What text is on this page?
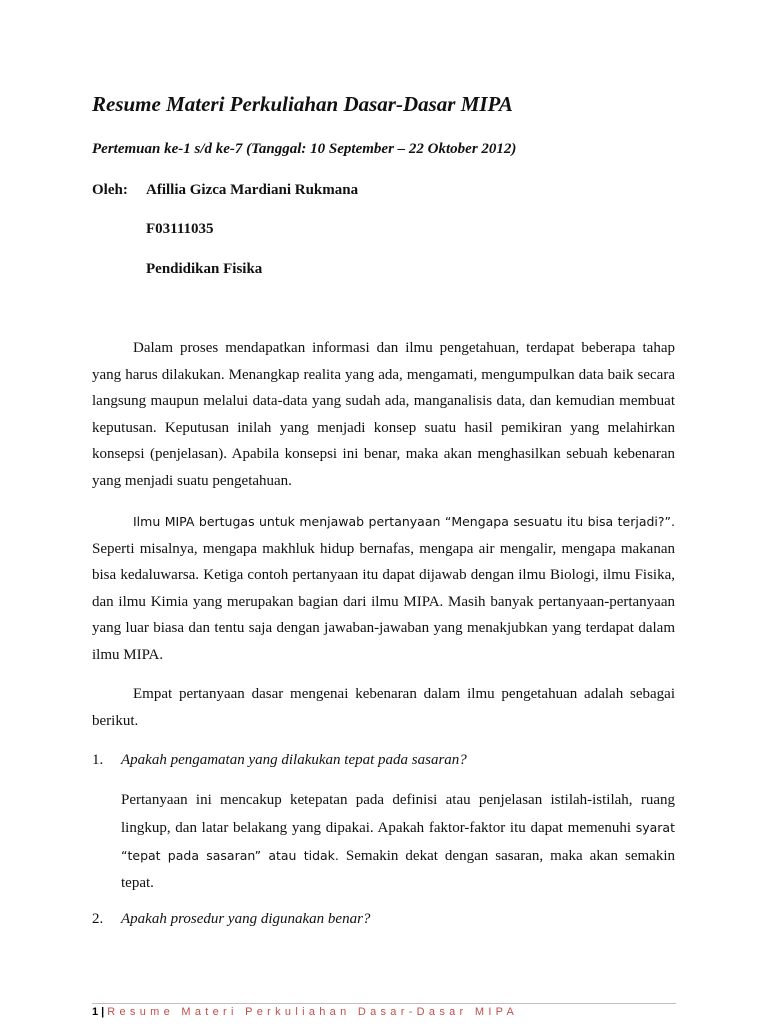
Resume Materi Perkuliahan Dasar-Dasar MIPA
Pertemuan ke-1 s/d ke-7 (Tanggal: 10 September – 22 Oktober 2012)
Oleh:	Afillia Gizca Mardiani Rukmana
F03111035
Pendidikan Fisika

Dalam proses mendapatkan informasi dan ilmu pengetahuan, terdapat beberapa tahap yang harus dilakukan. Menangkap realita yang ada, mengamati, mengumpulkan data baik secara langsung maupun melalui data-data yang sudah ada, manganalisis data, dan kemudian membuat keputusan. Keputusan inilah yang menjadi konsep suatu hasil pemikiran yang melahirkan konsepsi (penjelasan). Apabila konsepsi ini benar, maka akan menghasilkan sebuah kebenaran yang menjadi suatu pengetahuan.

Ilmu MIPA bertugas untuk menjawab pertanyaan “Mengapa sesuatu itu bisa terjadi?”. Seperti misalnya, mengapa makhluk hidup bernafas, mengapa air mengalir, mengapa makanan bisa kedaluwarsa. Ketiga contoh pertanyaan itu dapat dijawab dengan ilmu Biologi, ilmu Fisika, dan ilmu Kimia yang merupakan bagian dari ilmu MIPA. Masih banyak pertanyaan-pertanyaan yang luar biasa dan tentu saja dengan jawaban-jawaban yang menakjubkan yang terdapat dalam ilmu MIPA.

Empat pertanyaan dasar mengenai kebenaran dalam ilmu pengetahuan adalah sebagai berikut.

1. Apakah pengamatan yang dilakukan tepat pada sasaran?

Pertanyaan ini mencakup ketepatan pada definisi atau penjelasan istilah-istilah, ruang lingkup, dan latar belakang yang dipakai. Apakah faktor-faktor itu dapat memenuhi syarat “tepat pada sasaran” atau tidak. Semakin dekat dengan sasaran, maka akan semakin tepat.

2. Apakah prosedur yang digunakan benar?
1 | Resume Materi Perkuliahan Dasar-Dasar MIPA
